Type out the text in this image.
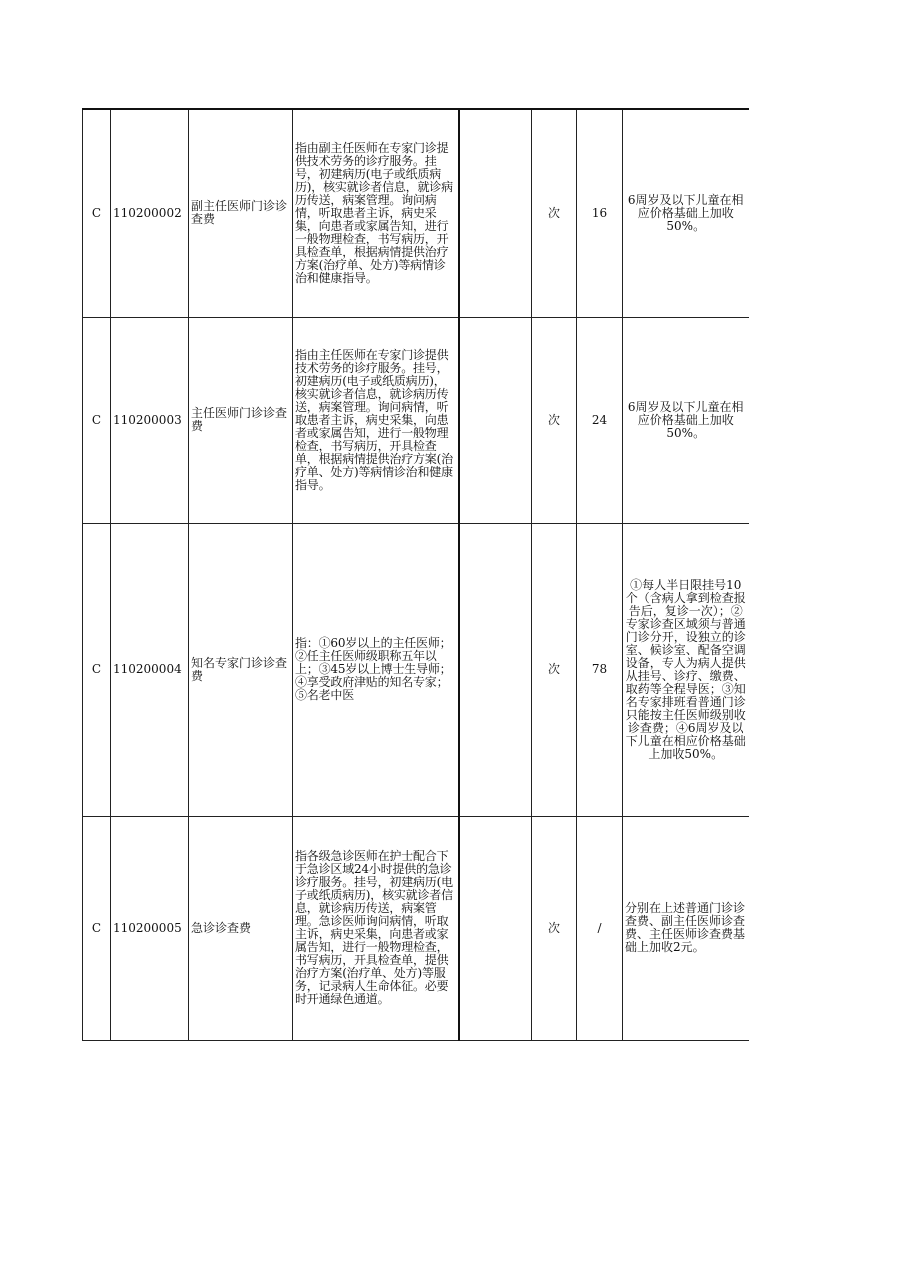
C	110200002	副主任医师门诊诊查费	指由副主任医师在专家门诊提供技术劳务的诊疗服务。挂号，初建病历(电子或纸质病历)，核实就诊者信息，就诊病历传送，病案管理。询问病情，听取患者主诉，病史采集，向患者或家属告知，进行一般物理检查，书写病历，开具检查单，根据病情提供治疗方案(治疗单、处方)等病情诊治和健康指导。		次	16	6周岁及以下儿童在相应价格基础上加收50%。
C	110200003	主任医师门诊诊查费	指由主任医师在专家门诊提供技术劳务的诊疗服务。挂号，初建病历(电子或纸质病历)，核实就诊者信息，就诊病历传送，病案管理。询问病情，听取患者主诉，病史采集，向患者或家属告知，进行一般物理检查，书写病历，开具检查单，根据病情提供治疗方案(治疗单、处方)等病情诊治和健康指导。		次	24	6周岁及以下儿童在相应价格基础上加收50%。
C	110200004	知名专家门诊诊查费	指：①60岁以上的主任医师；②任主任医师级职称五年以上；③45岁以上博士生导师；④享受政府津贴的知名专家；⑤名老中医		次	78	①每人半日限挂号10个（含病人拿到检查报告后，复诊一次）；②专家诊查区域须与普通门诊分开，设独立的诊室、候诊室、配备空调设备，专人为病人提供从挂号、诊疗、缴费、取药等全程导医；③知名专家排班看普通门诊只能按主任医师级别收诊查费；④6周岁及以下儿童在相应价格基础上加收50%。
C	110200005	急诊诊查费	指各级急诊医师在护士配合下于急诊区域24小时提供的急诊诊疗服务。挂号，初建病历(电子或纸质病历)，核实就诊者信息，就诊病历传送，病案管理。急诊医师询问病情，听取主诉，病史采集，向患者或家属告知，进行一般物理检查，书写病历，开具检查单，提供治疗方案(治疗单、处方)等服务，记录病人生命体征。必要时开通绿色通道。		次	/	分别在上述普通门诊诊查费、副主任医师诊查费、主任医师诊查费基础上加收2元。
